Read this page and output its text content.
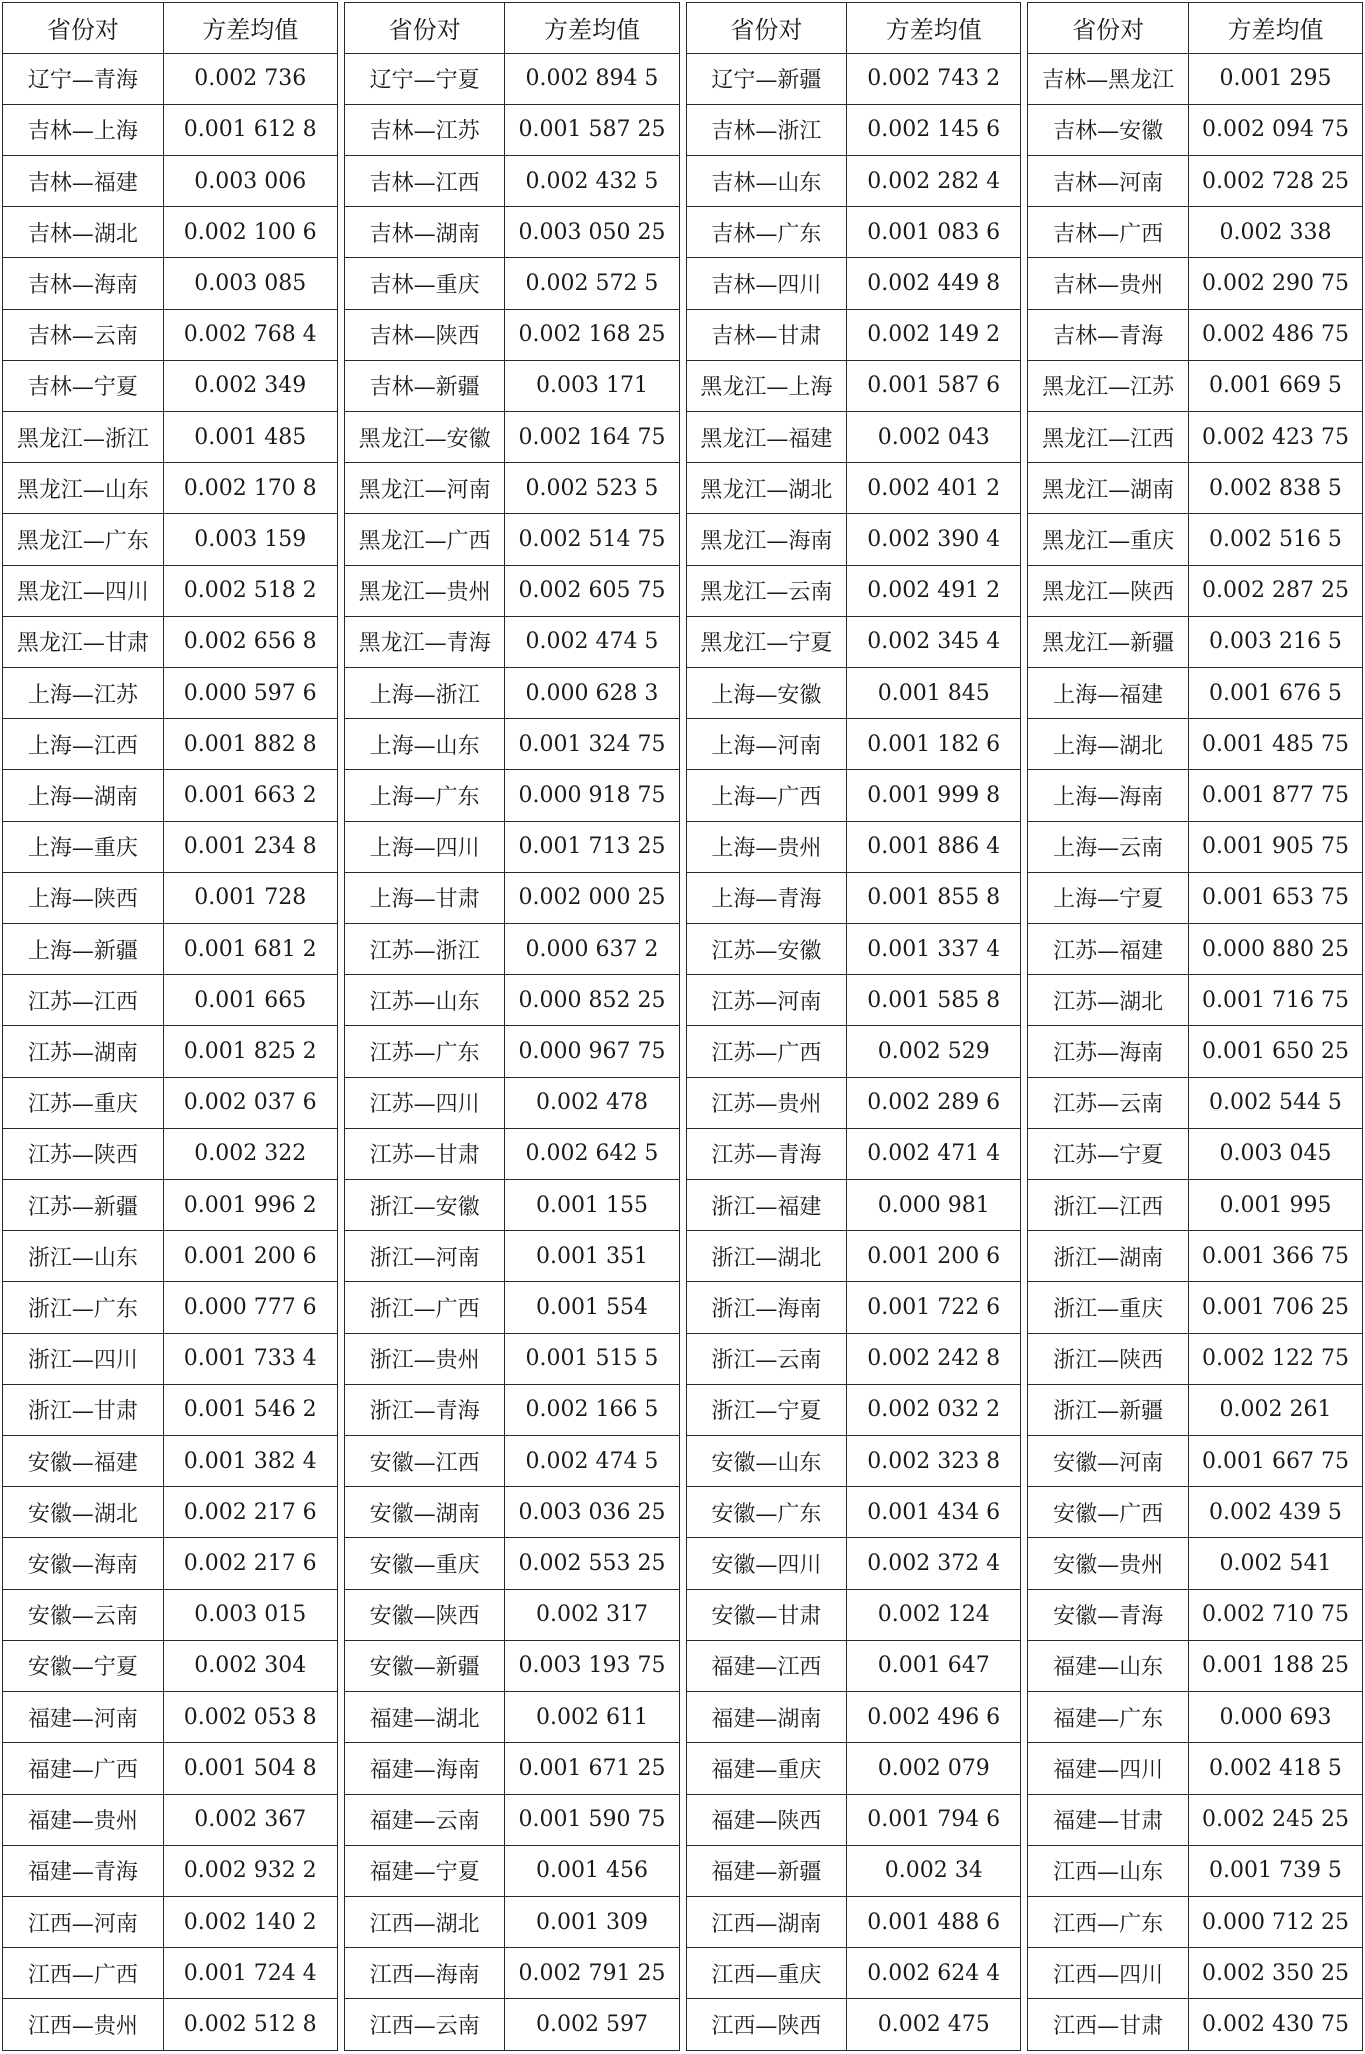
省份对	方差均值
辽宁—青海	0.002 736
吉林—上海	0.001 612 8
吉林—福建	0.003 006
吉林—湖北	0.002 100 6
吉林—海南	0.003 085
吉林—云南	0.002 768 4
吉林—宁夏	0.002 349
黑龙江—浙江	0.001 485
黑龙江—山东	0.002 170 8
黑龙江—广东	0.003 159
黑龙江—四川	0.002 518 2
黑龙江—甘肃	0.002 656 8
上海—江苏	0.000 597 6
上海—江西	0.001 882 8
上海—湖南	0.001 663 2
上海—重庆	0.001 234 8
上海—陕西	0.001 728
上海—新疆	0.001 681 2
江苏—江西	0.001 665
江苏—湖南	0.001 825 2
江苏—重庆	0.002 037 6
江苏—陕西	0.002 322
江苏—新疆	0.001 996 2
浙江—山东	0.001 200 6
浙江—广东	0.000 777 6
浙江—四川	0.001 733 4
浙江—甘肃	0.001 546 2
安徽—福建	0.001 382 4
安徽—湖北	0.002 217 6
安徽—海南	0.002 217 6
安徽—云南	0.003 015
安徽—宁夏	0.002 304
福建—河南	0.002 053 8
福建—广西	0.001 504 8
福建—贵州	0.002 367
福建—青海	0.002 932 2
江西—河南	0.002 140 2
江西—广西	0.001 724 4
江西—贵州	0.002 512 8
省份对	方差均值
辽宁—宁夏	0.002 894 5
吉林—江苏	0.001 587 25
吉林—江西	0.002 432 5
吉林—湖南	0.003 050 25
吉林—重庆	0.002 572 5
吉林—陕西	0.002 168 25
吉林—新疆	0.003 171
黑龙江—安徽	0.002 164 75
黑龙江—河南	0.002 523 5
黑龙江—广西	0.002 514 75
黑龙江—贵州	0.002 605 75
黑龙江—青海	0.002 474 5
上海—浙江	0.000 628 3
上海—山东	0.001 324 75
上海—广东	0.000 918 75
上海—四川	0.001 713 25
上海—甘肃	0.002 000 25
江苏—浙江	0.000 637 2
江苏—山东	0.000 852 25
江苏—广东	0.000 967 75
江苏—四川	0.002 478
江苏—甘肃	0.002 642 5
浙江—安徽	0.001 155
浙江—河南	0.001 351
浙江—广西	0.001 554
浙江—贵州	0.001 515 5
浙江—青海	0.002 166 5
安徽—江西	0.002 474 5
安徽—湖南	0.003 036 25
安徽—重庆	0.002 553 25
安徽—陕西	0.002 317
安徽—新疆	0.003 193 75
福建—湖北	0.002 611
福建—海南	0.001 671 25
福建—云南	0.001 590 75
福建—宁夏	0.001 456
江西—湖北	0.001 309
江西—海南	0.002 791 25
江西—云南	0.002 597
省份对	方差均值
辽宁—新疆	0.002 743 2
吉林—浙江	0.002 145 6
吉林—山东	0.002 282 4
吉林—广东	0.001 083 6
吉林—四川	0.002 449 8
吉林—甘肃	0.002 149 2
黑龙江—上海	0.001 587 6
黑龙江—福建	0.002 043
黑龙江—湖北	0.002 401 2
黑龙江—海南	0.002 390 4
黑龙江—云南	0.002 491 2
黑龙江—宁夏	0.002 345 4
上海—安徽	0.001 845
上海—河南	0.001 182 6
上海—广西	0.001 999 8
上海—贵州	0.001 886 4
上海—青海	0.001 855 8
江苏—安徽	0.001 337 4
江苏—河南	0.001 585 8
江苏—广西	0.002 529
江苏—贵州	0.002 289 6
江苏—青海	0.002 471 4
浙江—福建	0.000 981
浙江—湖北	0.001 200 6
浙江—海南	0.001 722 6
浙江—云南	0.002 242 8
浙江—宁夏	0.002 032 2
安徽—山东	0.002 323 8
安徽—广东	0.001 434 6
安徽—四川	0.002 372 4
安徽—甘肃	0.002 124
福建—江西	0.001 647
福建—湖南	0.002 496 6
福建—重庆	0.002 079
福建—陕西	0.001 794 6
福建—新疆	0.002 34
江西—湖南	0.001 488 6
江西—重庆	0.002 624 4
江西—陕西	0.002 475
省份对	方差均值
吉林—黑龙江	0.001 295
吉林—安徽	0.002 094 75
吉林—河南	0.002 728 25
吉林—广西	0.002 338
吉林—贵州	0.002 290 75
吉林—青海	0.002 486 75
黑龙江—江苏	0.001 669 5
黑龙江—江西	0.002 423 75
黑龙江—湖南	0.002 838 5
黑龙江—重庆	0.002 516 5
黑龙江—陕西	0.002 287 25
黑龙江—新疆	0.003 216 5
上海—福建	0.001 676 5
上海—湖北	0.001 485 75
上海—海南	0.001 877 75
上海—云南	0.001 905 75
上海—宁夏	0.001 653 75
江苏—福建	0.000 880 25
江苏—湖北	0.001 716 75
江苏—海南	0.001 650 25
江苏—云南	0.002 544 5
江苏—宁夏	0.003 045
浙江—江西	0.001 995
浙江—湖南	0.001 366 75
浙江—重庆	0.001 706 25
浙江—陕西	0.002 122 75
浙江—新疆	0.002 261
安徽—河南	0.001 667 75
安徽—广西	0.002 439 5
安徽—贵州	0.002 541
安徽—青海	0.002 710 75
福建—山东	0.001 188 25
福建—广东	0.000 693
福建—四川	0.002 418 5
福建—甘肃	0.002 245 25
江西—山东	0.001 739 5
江西—广东	0.000 712 25
江西—四川	0.002 350 25
江西—甘肃	0.002 430 75
